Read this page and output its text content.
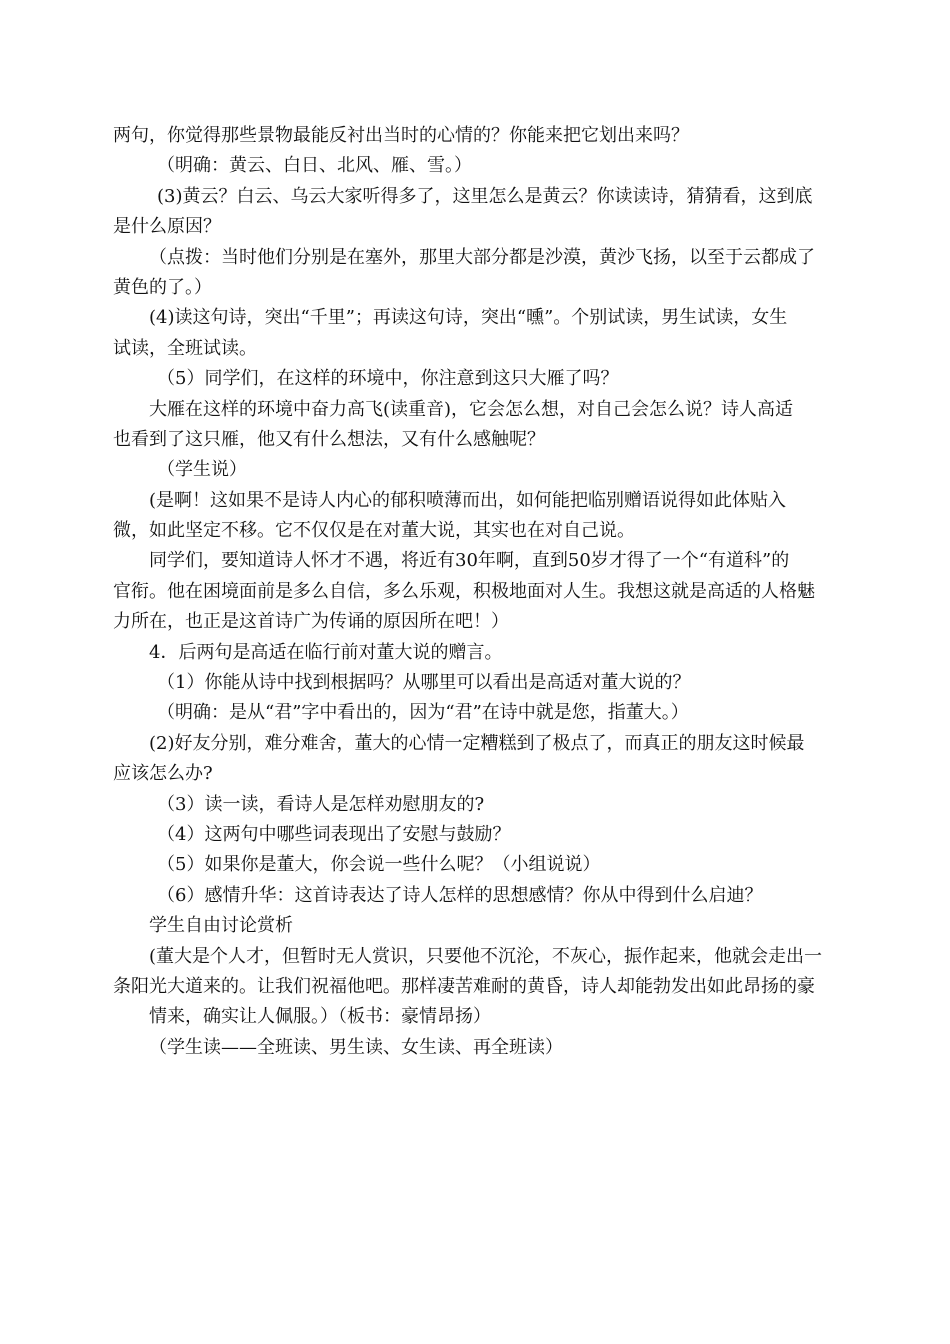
两句，你觉得那些景物最能反衬出当时的心情的？你能来把它划出来吗？
（明确：黄云、白日、北风、雁、雪。）
(3)黄云？白云、乌云大家听得多了，这里怎么是黄云？你读读诗，猜猜看，这到底
是什么原因？
（点拨：当时他们分别是在塞外，那里大部分都是沙漠，黄沙飞扬，以至于云都成了
黄色的了。）
(4)读这句诗，突出“千里”；再读这句诗，突出“曛”。个别试读，男生试读，女生
试读，全班试读。
（5）同学们，在这样的环境中，你注意到这只大雁了吗？
大雁在这样的环境中奋力高飞(读重音)，它会怎么想，对自己会怎么说？诗人高适
也看到了这只雁，他又有什么想法，又有什么感触呢？
（学生说）
(是啊！这如果不是诗人内心的郁积喷薄而出，如何能把临别赠语说得如此体贴入
微，如此坚定不移。它不仅仅是在对董大说，其实也在对自己说。
同学们，要知道诗人怀才不遇，将近有30年啊，直到50岁才得了一个“有道科”的
官衔。他在困境面前是多么自信，多么乐观，积极地面对人生。我想这就是高适的人格魅
力所在，也正是这首诗广为传诵的原因所在吧！）
4．后两句是高适在临行前对董大说的赠言。
（1）你能从诗中找到根据吗？从哪里可以看出是高适对董大说的？
（明确：是从“君”字中看出的，因为“君”在诗中就是您，指董大。）
(2)好友分别，难分难舍，董大的心情一定糟糕到了极点了，而真正的朋友这时候最
应该怎么办?
（3）读一读，看诗人是怎样劝慰朋友的?
（4）这两句中哪些词表现出了安慰与鼓励？
（5）如果你是董大，你会说一些什么呢？（小组说说）
（6）感情升华：这首诗表达了诗人怎样的思想感情？你从中得到什么启迪？
学生自由讨论赏析
(董大是个人才，但暂时无人赏识，只要他不沉沦，不灰心，振作起来，他就会走出一
条阳光大道来的。让我们祝福他吧。那样凄苦难耐的黄昏，诗人却能勃发出如此昂扬的豪
情来，确实让人佩服。）（板书：豪情昂扬）
（学生读——全班读、男生读、女生读、再全班读）
